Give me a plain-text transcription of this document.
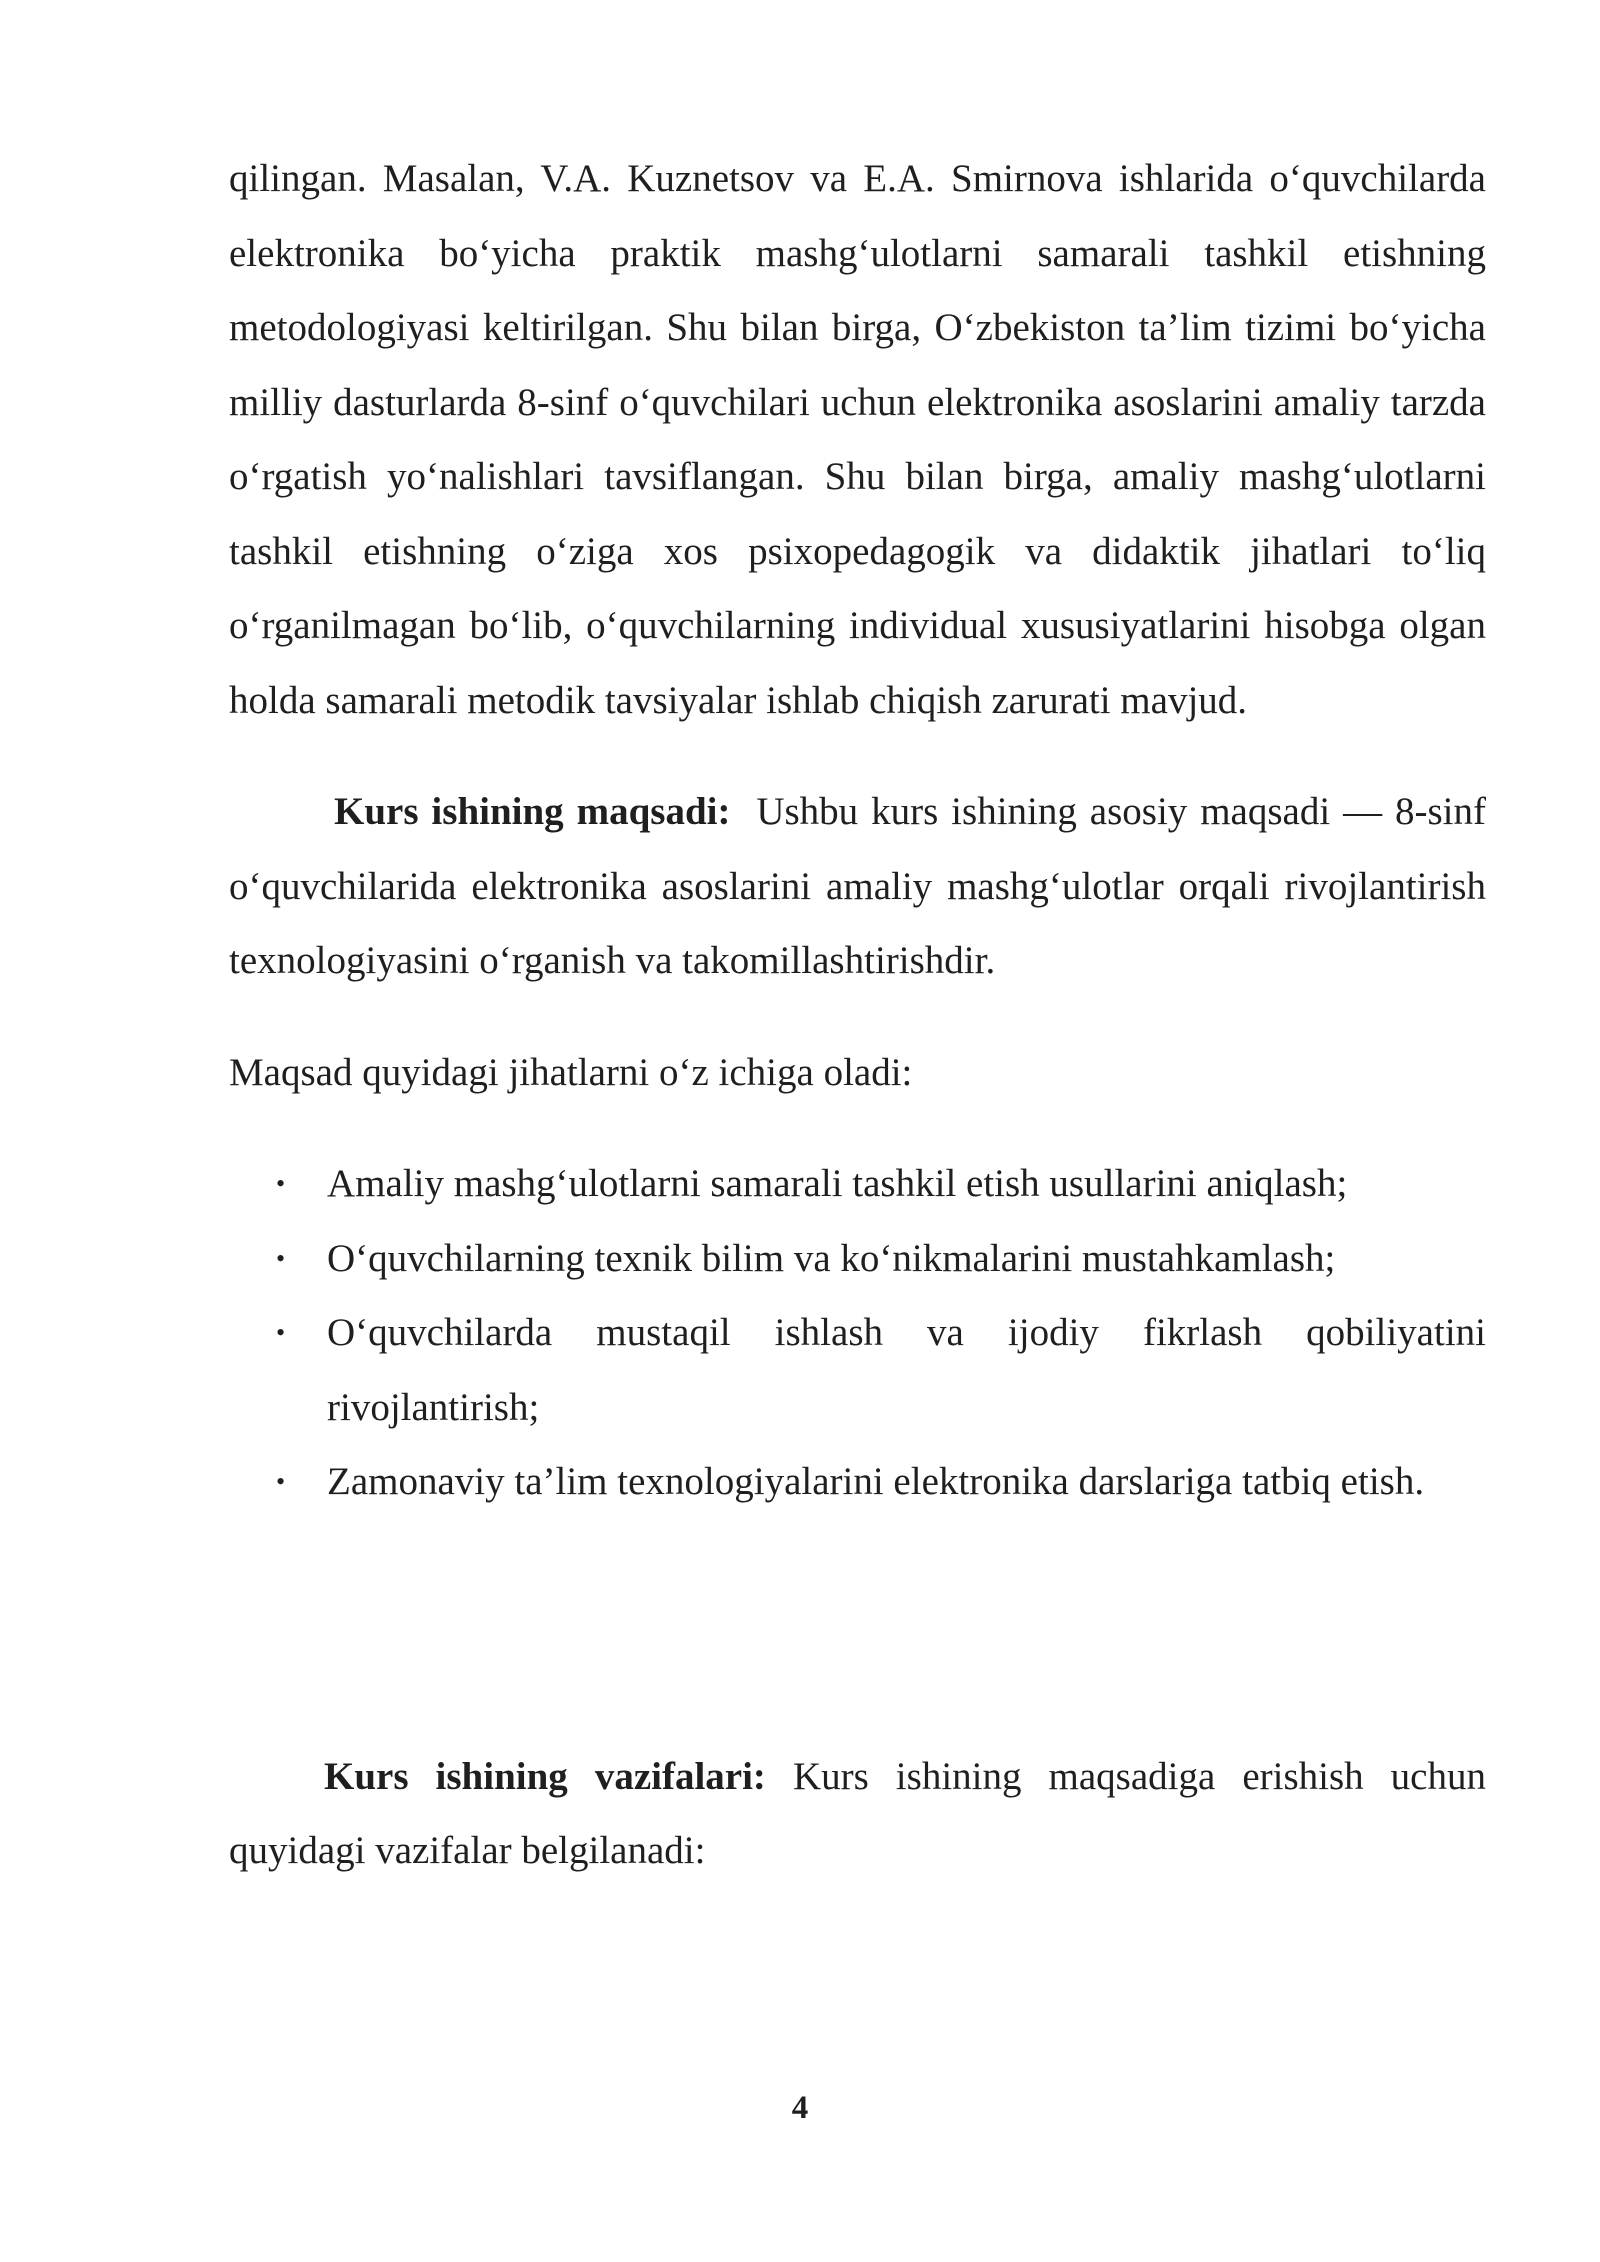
qilingan. Masalan, V.A. Kuznetsov va E.A. Smirnova ishlarida o‘quvchilarda elektronika bo‘yicha praktik mashg‘ulotlarni samarali tashkil etishning metodologiyasi keltirilgan. Shu bilan birga, O‘zbekiston ta’lim tizimi bo‘yicha milliy dasturlarda 8-sinf o‘quvchilari uchun elektronika asoslarini amaliy tarzda o‘rgatish yo‘nalishlari tavsiflangan. Shu bilan birga, amaliy mashg‘ulotlarni tashkil etishning o‘ziga xos psixopedagogik va didaktik jihatlari to‘liq o‘rganilmagan bo‘lib, o‘quvchilarning individual xususiyatlarini hisobga olgan holda samarali metodik tavsiyalar ishlab chiqish zarurati mavjud.

Kurs ishining maqsadi: Ushbu kurs ishining asosiy maqsadi — 8-sinf o‘quvchilarida elektronika asoslarini amaliy mashg‘ulotlar orqali rivojlantirish texnologiyasini o‘rganish va takomillashtirishdir.

Maqsad quyidagi jihatlarni o‘z ichiga oladi:

• Amaliy mashg‘ulotlarni samarali tashkil etish usullarini aniqlash;
• O‘quvchilarning texnik bilim va ko‘nikmalarini mustahkamlash;
• O‘quvchilarda mustaqil ishlash va ijodiy fikrlash qobiliyatini rivojlantirish;
• Zamonaviy ta’lim texnologiyalarini elektronika darslariga tatbiq etish.

Kurs ishining vazifalari: Kurs ishining maqsadiga erishish uchun quyidagi vazifalar belgilanadi:

4
